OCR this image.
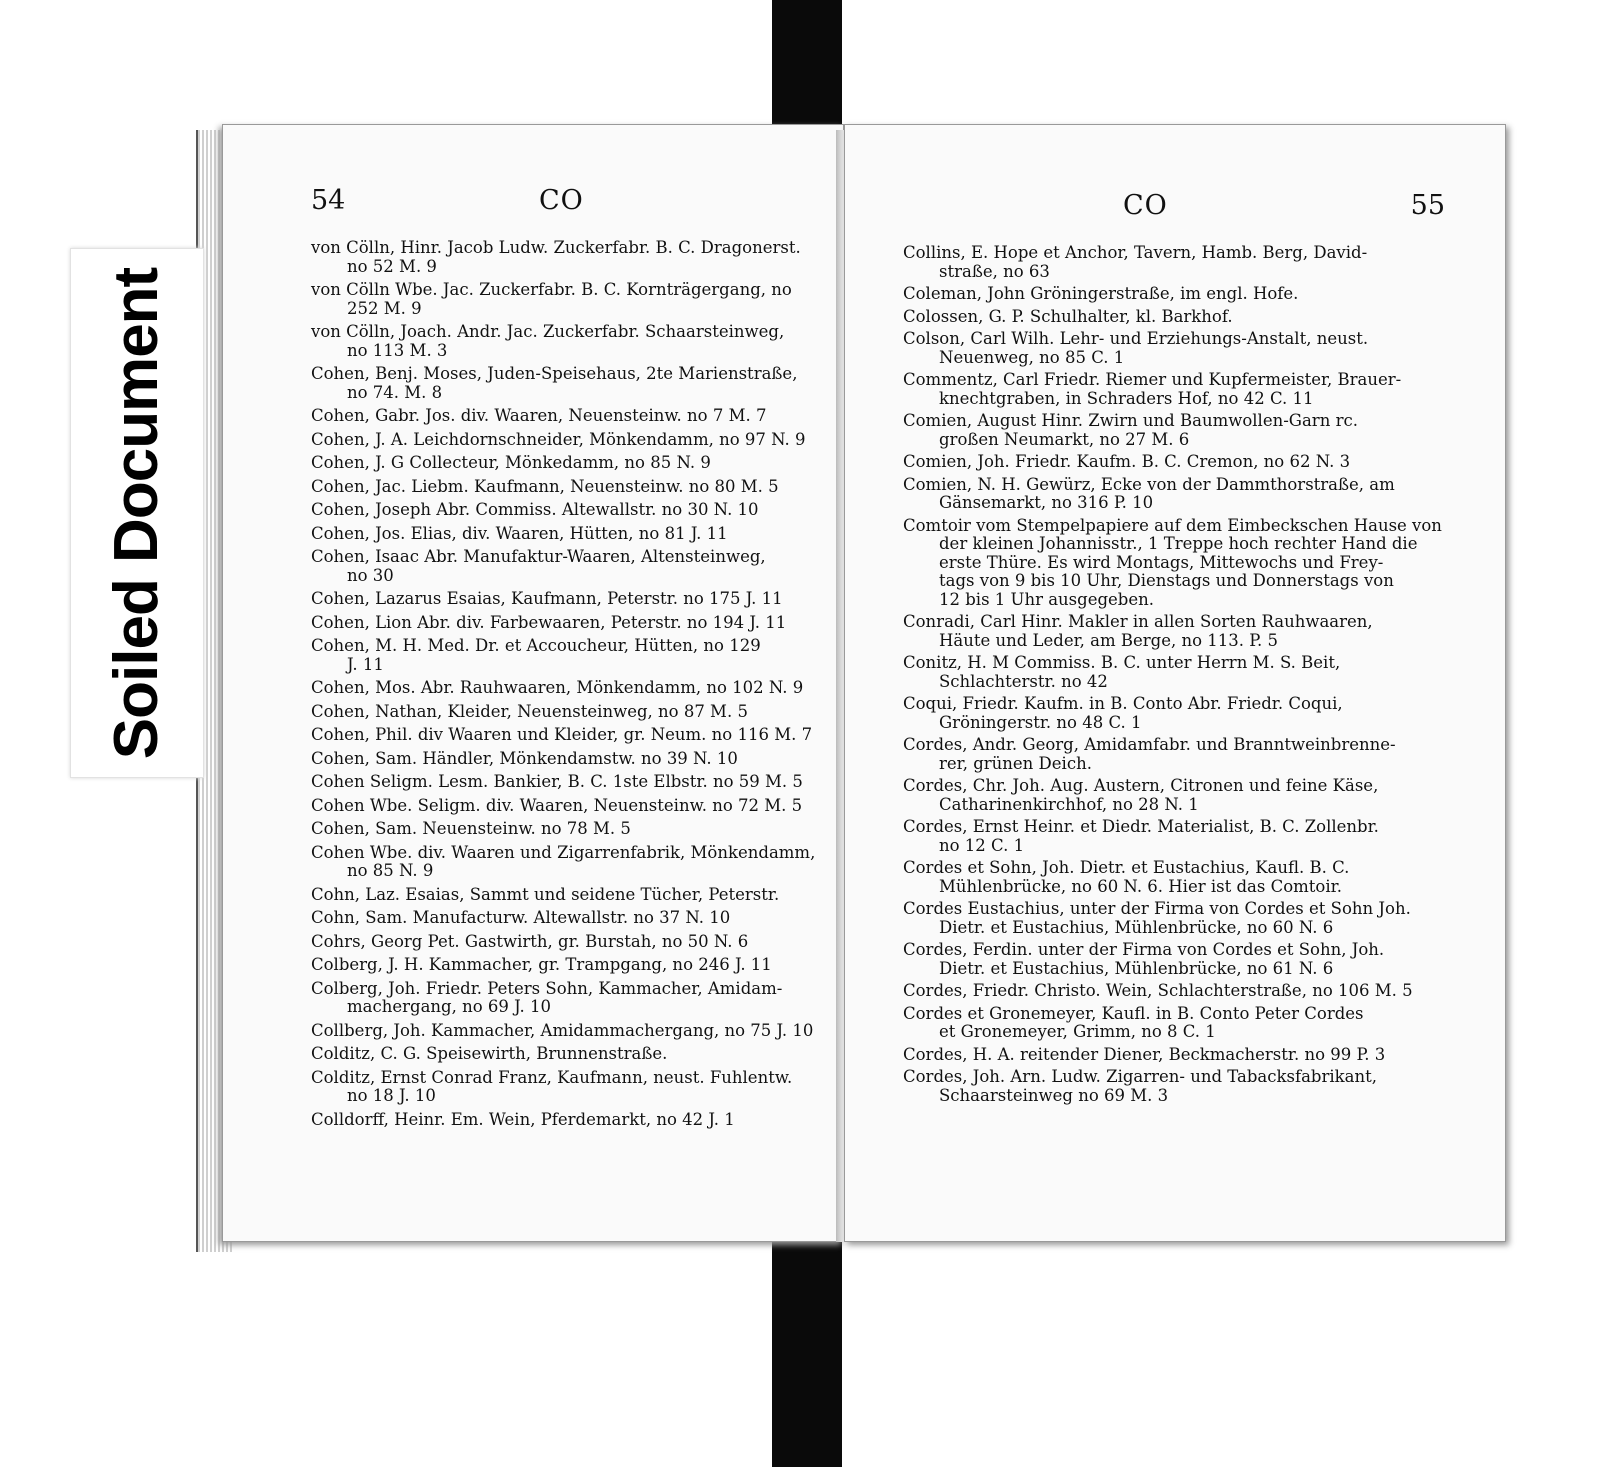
54	CO
von Cölln, Hinr. Jacob Ludw. Zuckerfabr. B. C. Dragonerst.
no 52 M. 9
von Cölln Wbe. Jac. Zuckerfabr. B. C. Kornträgergang, no
252 M. 9
von Cölln, Joach. Andr. Jac. Zuckerfabr. Schaarsteinweg,
no 113 M. 3
Cohen, Benj. Moses, Juden-Speisehaus, 2te Marienstraße,
no 74. M. 8
Cohen, Gabr. Jos. div. Waaren, Neuensteinw. no 7 M. 7
Cohen, J. A. Leichdornschneider, Mönkendamm, no 97 N. 9
Cohen, J. G Collecteur, Mönkedamm, no 85 N. 9
Cohen, Jac. Liebm. Kaufmann, Neuensteinw. no 80 M. 5
Cohen, Joseph Abr. Commiss. Altewallstr. no 30 N. 10
Cohen, Jos. Elias, div. Waaren, Hütten, no 81 J. 11
Cohen, Isaac Abr. Manufaktur-Waaren, Altensteinweg,
no 30
Cohen, Lazarus Esaias, Kaufmann, Peterstr. no 175 J. 11
Cohen, Lion Abr. div. Farbewaaren, Peterstr. no 194 J. 11
Cohen, M. H. Med. Dr. et Accoucheur, Hütten, no 129
J. 11
Cohen, Mos. Abr. Rauhwaaren, Mönkendamm, no 102 N. 9
Cohen, Nathan, Kleider, Neuensteinweg, no 87 M. 5
Cohen, Phil. div Waaren und Kleider, gr. Neum. no 116 M. 7
Cohen, Sam. Händler, Mönkendamstw. no 39 N. 10
Cohen Seligm. Lesm. Bankier, B. C. 1ste Elbstr. no 59 M. 5
Cohen Wbe. Seligm. div. Waaren, Neuensteinw. no 72 M. 5
Cohen, Sam. Neuensteinw. no 78 M. 5
Cohen Wbe. div. Waaren und Zigarrenfabrik, Mönkendamm,
no 85 N. 9
Cohn, Laz. Esaias, Sammt und seidene Tücher, Peterstr.
Cohn, Sam. Manufacturw. Altewallstr. no 37 N. 10
Cohrs, Georg Pet. Gastwirth, gr. Burstah, no 50 N. 6
Colberg, J. H. Kammacher, gr. Trampgang, no 246 J. 11
Colberg, Joh. Friedr. Peters Sohn, Kammacher, Amidam-
machergang, no 69 J. 10
Collberg, Joh. Kammacher, Amidammachergang, no 75 J. 10
Colditz, C. G. Speisewirth, Brunnenstraße.
Colditz, Ernst Conrad Franz, Kaufmann, neust. Fuhlentw.
no 18 J. 10
Colldorff, Heinr. Em. Wein, Pferdemarkt, no 42 J. 1
CO	55
Collins, E. Hope et Anchor, Tavern, Hamb. Berg, David-
straße, no 63
Coleman, John Gröningerstraße, im engl. Hofe.
Colossen, G. P. Schulhalter, kl. Barkhof.
Colson, Carl Wilh. Lehr- und Erziehungs-Anstalt, neust.
Neuenweg, no 85 C. 1
Commentz, Carl Friedr. Riemer und Kupfermeister, Brauer-
knechtgraben, in Schraders Hof, no 42 C. 11
Comien, August Hinr. Zwirn und Baumwollen-Garn rc.
großen Neumarkt, no 27 M. 6
Comien, Joh. Friedr. Kaufm. B. C. Cremon, no 62 N. 3
Comien, N. H. Gewürz, Ecke von der Dammthorstraße, am
Gänsemarkt, no 316 P. 10
Comtoir vom Stempelpapiere auf dem Eimbeckschen Hause von
der kleinen Johannisstr., 1 Treppe hoch rechter Hand die
erste Thüre. Es wird Montags, Mittewochs und Frey-
tags von 9 bis 10 Uhr, Dienstags und Donnerstags von
12 bis 1 Uhr ausgegeben.
Conradi, Carl Hinr. Makler in allen Sorten Rauhwaaren,
Häute und Leder, am Berge, no 113. P. 5
Conitz, H. M Commiss. B. C. unter Herrn M. S. Beit,
Schlachterstr. no 42
Coqui, Friedr. Kaufm. in B. Conto Abr. Friedr. Coqui,
Gröningerstr. no 48 C. 1
Cordes, Andr. Georg, Amidamfabr. und Branntweinbrenne-
rer, grünen Deich.
Cordes, Chr. Joh. Aug. Austern, Citronen und feine Käse,
Catharinenkirchhof, no 28 N. 1
Cordes, Ernst Heinr. et Diedr. Materialist, B. C. Zollenbr.
no 12 C. 1
Cordes et Sohn, Joh. Dietr. et Eustachius, Kaufl. B. C.
Mühlenbrücke, no 60 N. 6. Hier ist das Comtoir.
Cordes Eustachius, unter der Firma von Cordes et Sohn Joh.
Dietr. et Eustachius, Mühlenbrücke, no 60 N. 6
Cordes, Ferdin. unter der Firma von Cordes et Sohn, Joh.
Dietr. et Eustachius, Mühlenbrücke, no 61 N. 6
Cordes, Friedr. Christo. Wein, Schlachterstraße, no 106 M. 5
Cordes et Gronemeyer, Kaufl. in B. Conto Peter Cordes
et Gronemeyer, Grimm, no 8 C. 1
Cordes, H. A. reitender Diener, Beckmacherstr. no 99 P. 3
Cordes, Joh. Arn. Ludw. Zigarren- und Tabacksfabrikant,
Schaarsteinweg no 69 M. 3
Soiled Document
